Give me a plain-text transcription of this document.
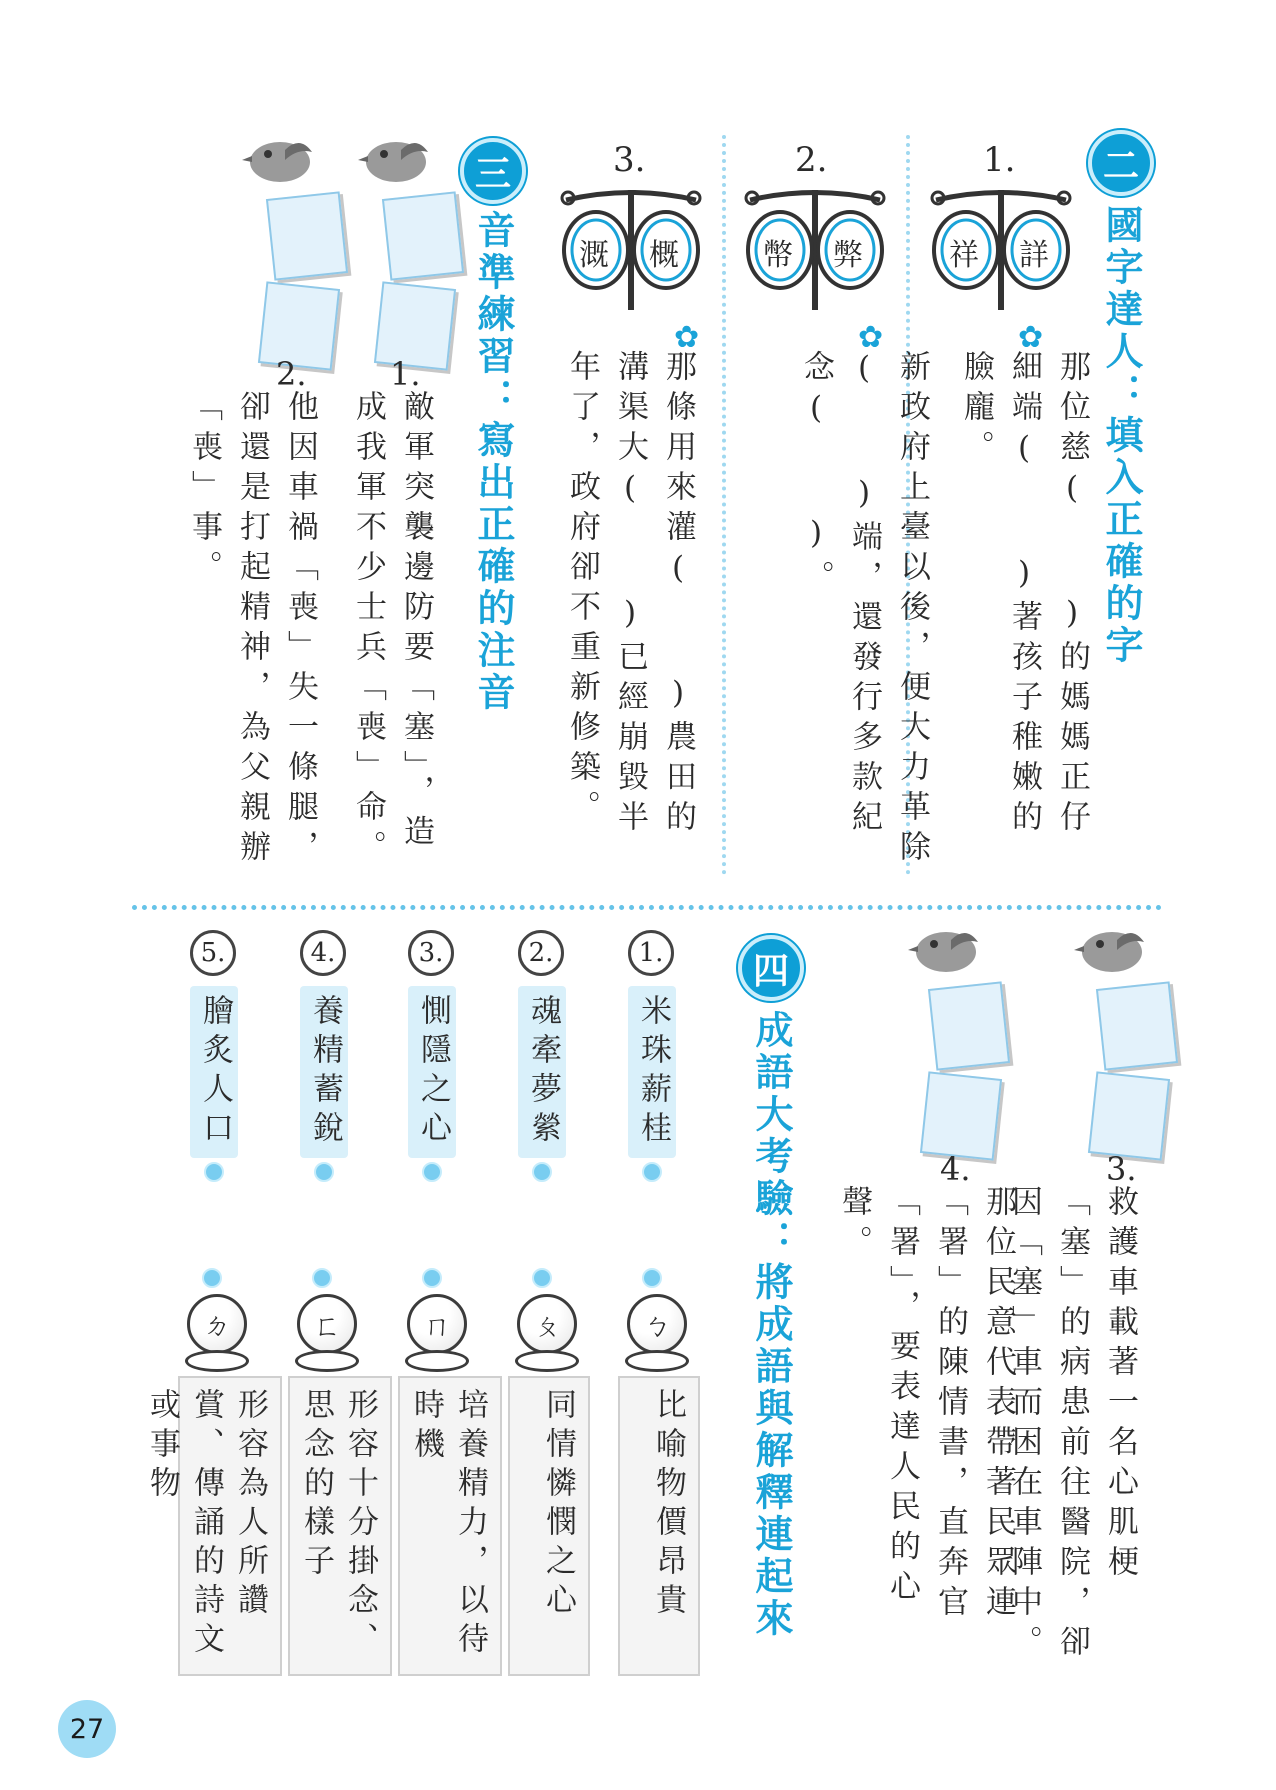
二
國字達人：填入正確的字
1.
詳
祥
✿
那位慈(　　)的媽媽正仔細端(　　)著孩子稚嫩的臉龐。
2.
弊
幣
✿
新政府上臺以後，便大力革除(　　)端，還發行多款紀念(　　)。
3.
概
溉
✿
那條用來灌(　　)農田的溝渠大(　　)已經崩毀半年了，政府卻不重新修築。
三
音準練習：寫出正確的注音
1.
敵軍突襲邊防要「塞」，造成我軍不少士兵「喪」命。
2.
他因車禍「喪」失一條腿，卻還是打起精神，為父親辦「喪」事。
3.
救護車載著一名心肌梗「塞」的病患前往醫院，卻因「塞」車而困在車陣中。
4.
那位民意代表帶著民眾連「署」的陳情書，直奔官「署」，要表達人民的心聲。
四
成語大考驗：將成語與解釋連起來
1.
米珠薪桂
2.
魂牽夢縈
3.
惻隱之心
4.
養精蓄銳
5.
膾炙人口
ㄅ
比喻物價昂貴
ㄆ
同情憐憫之心
ㄇ
培養精力，以待時機
ㄈ
形容十分掛念、思念的樣子
ㄉ
形容為人所讚賞、傳誦的詩文或事物
27
